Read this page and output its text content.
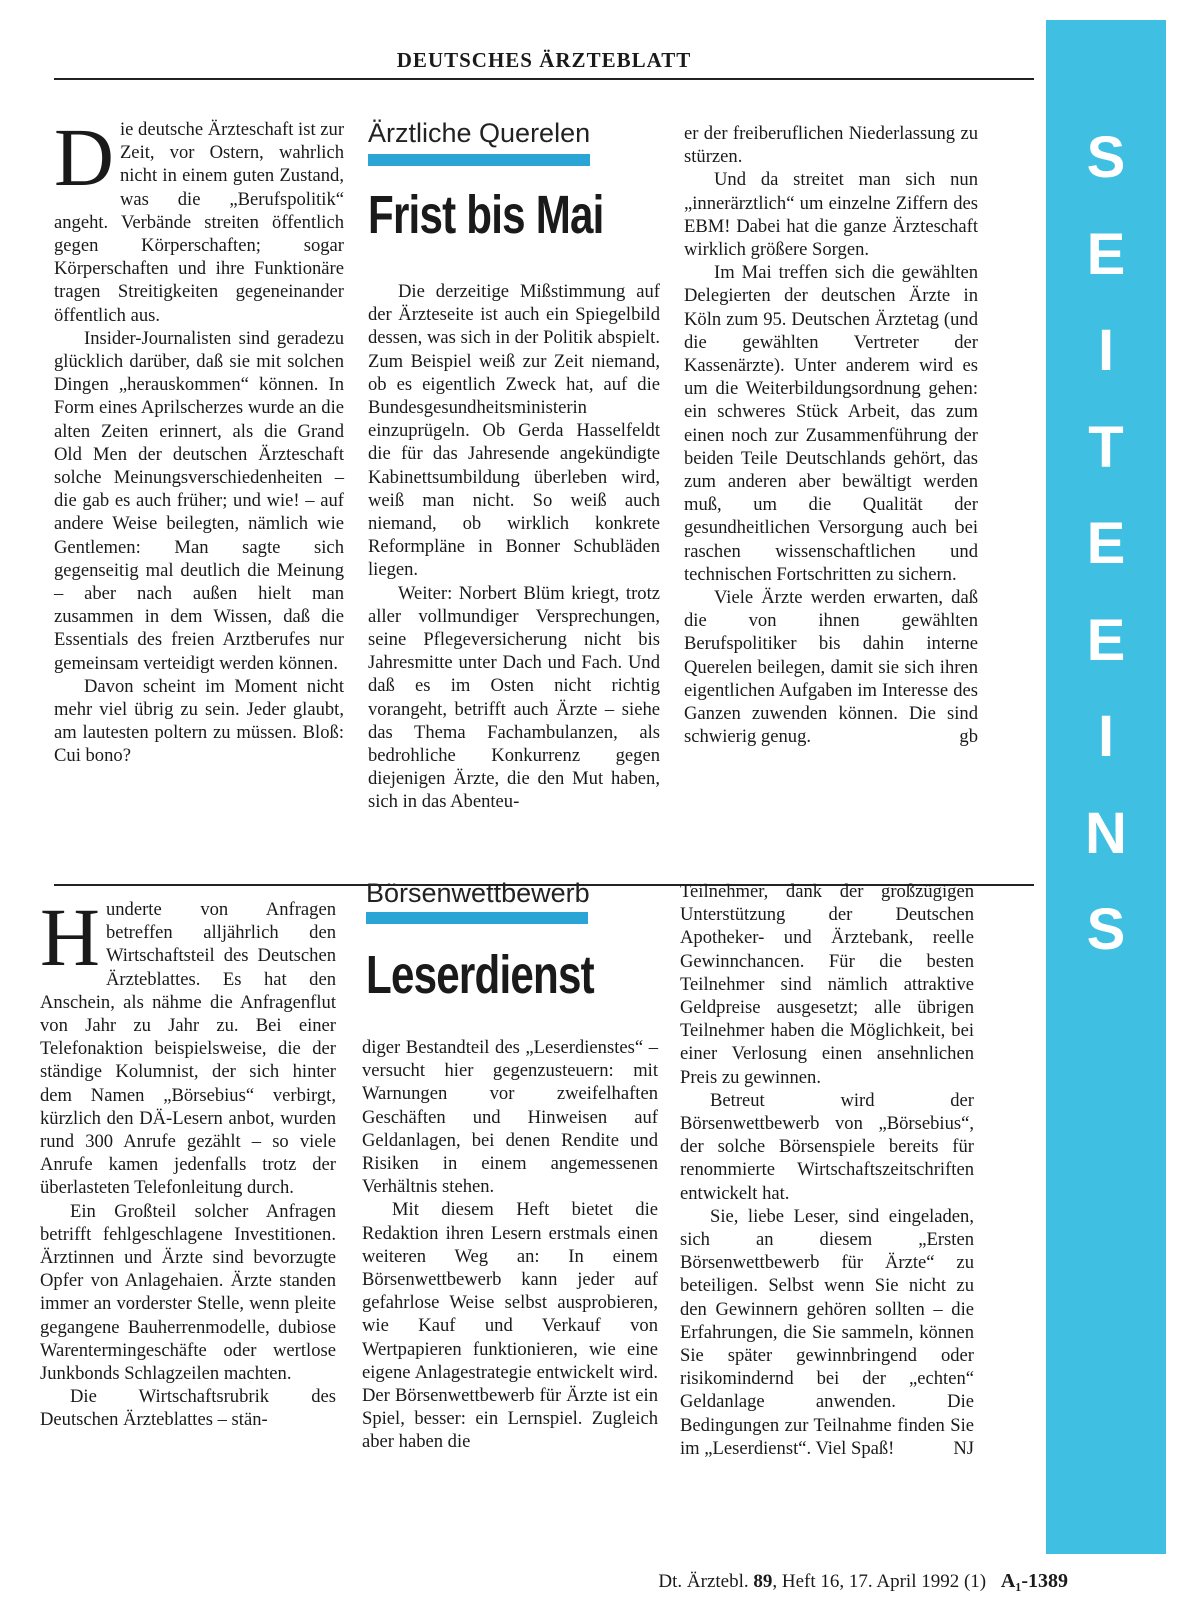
DEUTSCHES ÄRZTEBLATT
S
E
I
T
E
E
I
N
S

Die deutsche Ärzteschaft ist zur Zeit, vor Ostern, wahrlich nicht in einem guten Zustand, was die „Berufspolitik“ angeht. Verbände streiten öffentlich gegen Körperschaften; sogar Körperschaften und ihre Funktionäre tragen Streitigkeiten gegeneinander öffentlich aus.

Insider-Journalisten sind geradezu glücklich darüber, daß sie mit solchen Dingen „herauskommen“ können. In Form eines Aprilscherzes wurde an die alten Zeiten erinnert, als die Grand Old Men der deutschen Ärzteschaft solche Meinungsverschiedenheiten – die gab es auch früher; und wie! – auf andere Weise beilegten, nämlich wie Gentlemen: Man sagte sich gegenseitig mal deutlich die Meinung – aber nach außen hielt man zusammen in dem Wissen, daß die Essentials des freien Arztberufes nur gemeinsam verteidigt werden können.

Davon scheint im Moment nicht mehr viel übrig zu sein. Jeder glaubt, am lautesten poltern zu müssen. Bloß: Cui bono?

Ärztliche Querelen
Frist bis Mai

Die derzeitige Mißstimmung auf der Ärzteseite ist auch ein Spiegelbild dessen, was sich in der Politik abspielt. Zum Beispiel weiß zur Zeit niemand, ob es eigentlich Zweck hat, auf die Bundesgesundheitsministerin einzuprügeln. Ob Gerda Hasselfeldt die für das Jahresende angekündigte Kabinettsumbildung überleben wird, weiß man nicht. So weiß auch niemand, ob wirklich konkrete Reformpläne in Bonner Schubläden liegen.

Weiter: Norbert Blüm kriegt, trotz aller vollmundiger Versprechungen, seine Pflegeversicherung nicht bis Jahresmitte unter Dach und Fach. Und daß es im Osten nicht richtig vorangeht, betrifft auch Ärzte – siehe das Thema Fachambulanzen, als bedrohliche Konkurrenz gegen diejenigen Ärzte, die den Mut haben, sich in das Abenteu-

er der freiberuflichen Niederlassung zu stürzen.

Und da streitet man sich nun „innerärztlich“ um einzelne Ziffern des EBM! Dabei hat die ganze Ärzteschaft wirklich größere Sorgen.

Im Mai treffen sich die gewählten Delegierten der deutschen Ärzte in Köln zum 95. Deutschen Ärztetag (und die gewählten Vertreter der Kassenärzte). Unter anderem wird es um die Weiterbildungsordnung gehen: ein schweres Stück Arbeit, das zum einen noch zur Zusammenführung der beiden Teile Deutschlands gehört, das zum anderen aber bewältigt werden muß, um die Qualität der gesundheitlichen Versorgung auch bei raschen wissenschaftlichen und technischen Fortschritten zu sichern.

Viele Ärzte werden erwarten, daß die von ihnen gewählten Berufspolitiker bis dahin interne Querelen beilegen, damit sie sich ihren eigentlichen Aufgaben im Interesse des Ganzen zuwenden können. Die sind schwierig genug.	gb

Hunderte von Anfragen betreffen alljährlich den Wirtschaftsteil des Deutschen Ärzteblattes. Es hat den Anschein, als nähme die Anfragenflut von Jahr zu Jahr zu. Bei einer Telefonaktion beispielsweise, die der ständige Kolumnist, der sich hinter dem Namen „Börsebius“ verbirgt, kürzlich den DÄ-Lesern anbot, wurden rund 300 Anrufe gezählt – so viele Anrufe kamen jedenfalls trotz der überlasteten Telefonleitung durch.

Ein Großteil solcher Anfragen betrifft fehlgeschlagene Investitionen. Ärztinnen und Ärzte sind bevorzugte Opfer von Anlagehaien. Ärzte standen immer an vorderster Stelle, wenn pleite gegangene Bauherrenmodelle, dubiose Warentermingeschäfte oder wertlose Junkbonds Schlagzeilen machten.

Die Wirtschaftsrubrik des Deutschen Ärzteblattes – stän-

Börsenwettbewerb
Leserdienst

diger Bestandteil des „Leserdienstes“ – versucht hier gegenzusteuern: mit Warnungen vor zweifelhaften Geschäften und Hinweisen auf Geldanlagen, bei denen Rendite und Risiken in einem angemessenen Verhältnis stehen.

Mit diesem Heft bietet die Redaktion ihren Lesern erstmals einen weiteren Weg an: In einem Börsenwettbewerb kann jeder auf gefahrlose Weise selbst ausprobieren, wie Kauf und Verkauf von Wertpapieren funktionieren, wie eine eigene Anlagestrategie entwickelt wird. Der Börsenwettbewerb für Ärzte ist ein Spiel, besser: ein Lernspiel. Zugleich aber haben die

Teilnehmer, dank der großzügigen Unterstützung der Deutschen Apotheker- und Ärztebank, reelle Gewinnchancen. Für die besten Teilnehmer sind nämlich attraktive Geldpreise ausgesetzt; alle übrigen Teilnehmer haben die Möglichkeit, bei einer Verlosung einen ansehnlichen Preis zu gewinnen.

Betreut wird der Börsenwettbewerb von „Börsebius“, der solche Börsenspiele bereits für renommierte Wirtschaftszeitschriften entwickelt hat.

Sie, liebe Leser, sind eingeladen, sich an diesem „Ersten Börsenwettbewerb für Ärzte“ zu beteiligen. Selbst wenn Sie nicht zu den Gewinnern gehören sollten – die Erfahrungen, die Sie sammeln, können Sie später gewinnbringend oder risikomindernd bei der „echten“ Geldanlage anwenden. Die Bedingungen zur Teilnahme finden Sie im „Leserdienst“. Viel Spaß!	NJ

Dt. Ärztebl. 89, Heft 16, 17. April 1992 (1) A₁-1389
